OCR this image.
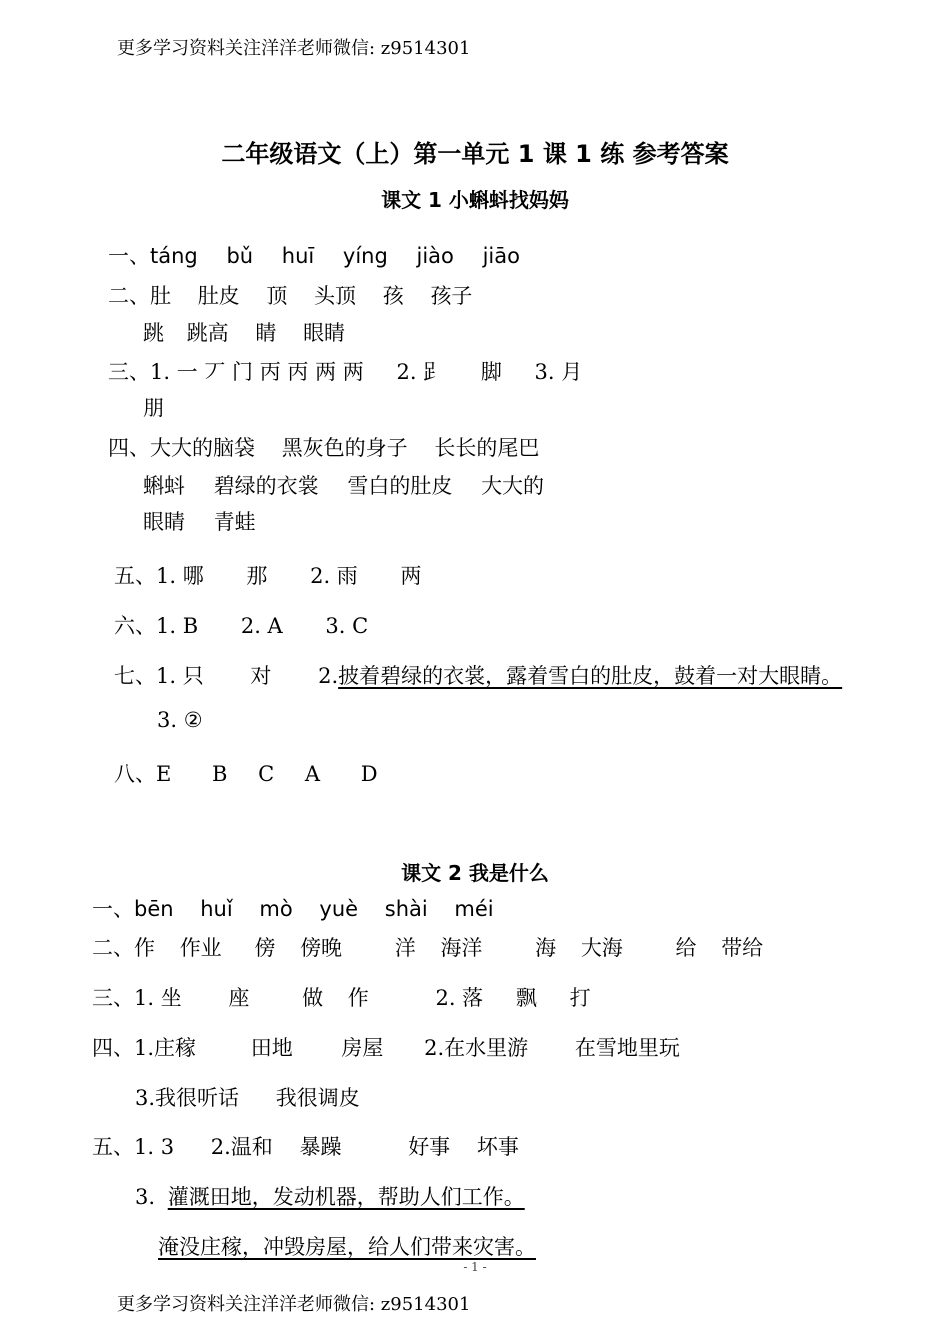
更多学习资料关注洋洋老师微信: z9514301
二年级语文（上）第一单元 1 课 1 练 参考答案
课文 1 小蝌蚪找妈妈
一、táng bǔ huī yíng jiào jiāo
二、肚 肚皮 顶 头顶 孩 孩子
跳 跳高 睛 眼睛
三、1. 一 丆 门 丙 丙 两 两 2. 𧾷 脚 3. 月
朋
四、大大的脑袋 黑灰色的身子 长长的尾巴
蝌蚪 碧绿的衣裳 雪白的肚皮 大大的
眼睛 青蛙
五、1. 哪 那 2. 雨 两
六、1. B 2. A 3. C
七、1. 只 对 2.披着碧绿的衣裳，露着雪白的肚皮，鼓着一对大眼睛。
3. ②
八、E B C A D
课文 2 我是什么
一、bēn huǐ mò yuè shài méi
二、作 作业 傍 傍晚	洋 海洋	海 大海	给 带给
三、1. 坐 座	做 作	2. 落 飘 打
四、1.庄稼	田地 房屋 2.在水里游 在雪地里玩
3.我很听话 我很调皮
五、1. 3 2.温和 暴躁	好事 坏事
3. 灌溉田地，发动机器，帮助人们工作。
淹没庄稼，冲毁房屋，给人们带来灾害。
- 1 -
更多学习资料关注洋洋老师微信: z9514301
